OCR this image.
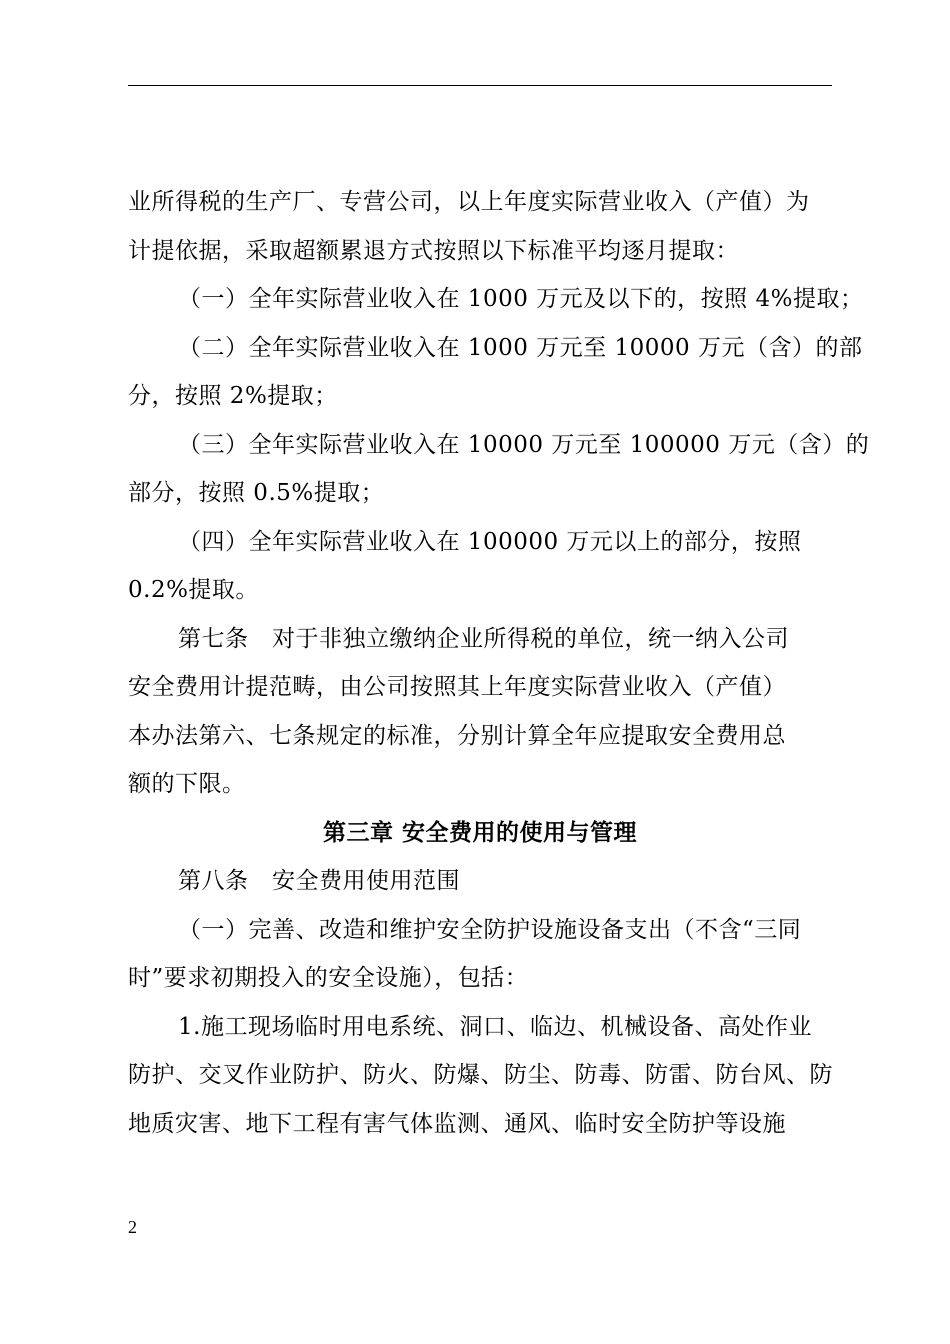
业所得税的生产厂、专营公司，以上年度实际营业收入（产值）为
计提依据，采取超额累退方式按照以下标准平均逐月提取：
（一）全年实际营业收入在 1000 万元及以下的，按照 4%提取；
（二）全年实际营业收入在 1000 万元至 10000 万元（含）的部
分，按照 2%提取；
（三）全年实际营业收入在 10000 万元至 100000 万元（含）的
部分，按照 0.5%提取；
（四）全年实际营业收入在 100000 万元以上的部分，按照
0.2%提取。
第七条　对于非独立缴纳企业所得税的单位，统一纳入公司
安全费用计提范畴，由公司按照其上年度实际营业收入（产值）
本办法第六、七条规定的标准，分别计算全年应提取安全费用总
额的下限。
第三章 安全费用的使用与管理
第八条　安全费用使用范围
（一）完善、改造和维护安全防护设施设备支出（不含“三同
时”要求初期投入的安全设施），包括：
1.施工现场临时用电系统、洞口、临边、机械设备、高处作业
防护、交叉作业防护、防火、防爆、防尘、防毒、防雷、防台风、防
地质灾害、地下工程有害气体监测、通风、临时安全防护等设施
2
